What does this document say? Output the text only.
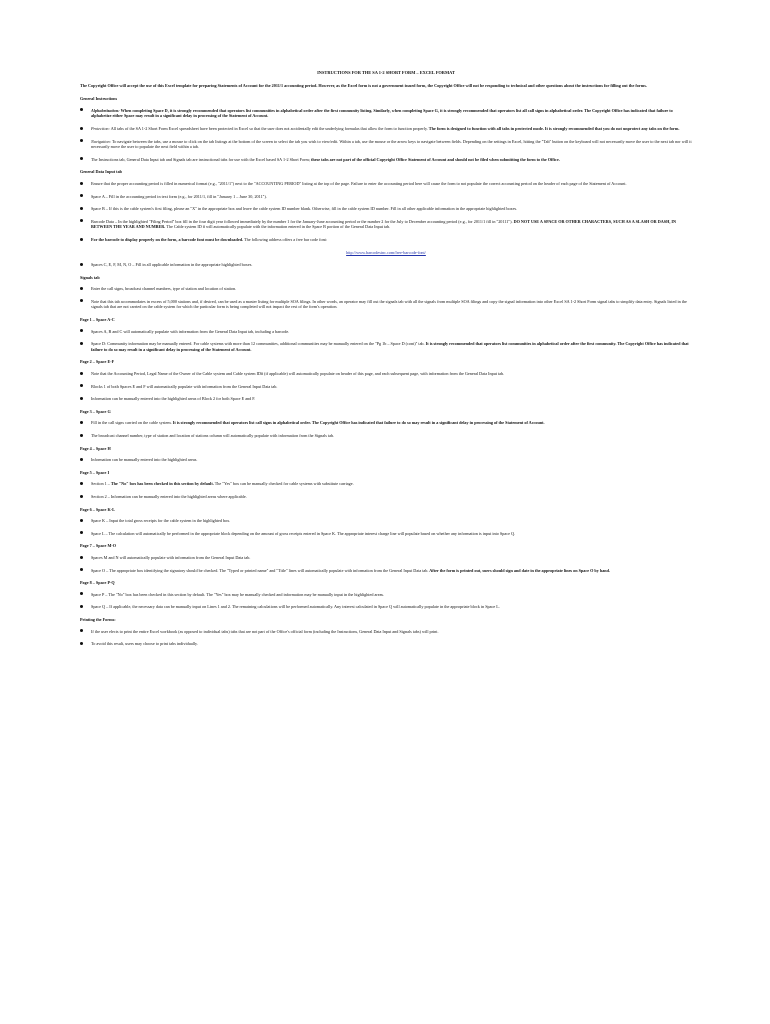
INSTRUCTIONS FOR THE SA 1-2 SHORT FORM – EXCEL FORMAT
The Copyright Office will accept the use of this Excel template for preparing Statements of Account for the 2011/1 accounting period. However, as the Excel form is not a government issued form, the Copyright Office will not be responding to technical and other questions about the instructions for filling out the forms.
General Instructions
Alphabetization: When completing Space D, it is strongly recommended that operators list communities in alphabetical order after the first community listing. Similarly, when completing Space G, it is strongly recommended that operators list all call signs in alphabetical order. The Copyright Office has indicated that failure to alphabetize either Space may result in a significant delay in processing of the Statement of Account.
Protection: All tabs of the SA 1-2 Short Form Excel spreadsheet have been protected in Excel so that the user does not accidentally edit the underlying formulas that allow the form to function properly. The form is designed to function with all tabs in protected mode. It is strongly recommended that you do not unprotect any tabs on the form.
Navigation: To navigate between the tabs, use a mouse to click on the tab listings at the bottom of the screen to select the tab you wish to view/edit. Within a tab, use the mouse or the arrow keys to navigate between fields. Depending on the settings in Excel, hitting the "Tab" button on the keyboard will not necessarily move the user to the next tab nor will it necessarily move the user to populate the next field within a tab.
The Instructions tab, General Data Input tab and Signals tab are instructional tabs for use with the Excel based SA 1-2 Short Form; these tabs are not part of the official Copyright Office Statement of Account and should not be filed when submitting the form to the Office.
General Data Input tab
Ensure that the proper accounting period is filled in numerical format (e.g., "2011/1") next to the "ACCOUNTING PERIOD" listing at the top of the page. Failure to enter the accounting period here will cause the form to not populate the correct accounting period on the header of each page of the Statement of Account.
Space A – Fill in the accounting period in text form (e.g., for 2011/1, fill in "January 1 – June 30, 2011").
Space B – If this is the cable system's first filing, please an "X" in the appropriate box and leave the cable system ID number blank. Otherwise, fill in the cable system ID number. Fill in all other applicable information in the appropriate highlighted boxes.
Barcode Data – In the highlighted "Filing Period" box fill in the four digit year followed immediately by the number 1 for the January-June accounting period or the number 2 for the July to December accounting period (e.g., for 2011/1 fill in "20111"). DO NOT USE A SPACE OR OTHER CHARACTERS, SUCH AS A SLASH OR DASH, IN BETWEEN THE YEAR AND NUMBER. The Cable system ID # will automatically populate with the information entered in the Space B portion of the General Data Input tab.
For the barcode to display properly on the form, a barcode font must be downloaded. The following address offers a free bar code font:
http://www.barcodesinc.com/free-barcode-font/
Spaces C, E, F, M, N, O – Fill in all applicable information in the appropriate highlighted boxes.
Signals tab
Enter the call signs, broadcast channel numbers, type of station and location of station.
Note that this tab accommodates in excess of 5,000 stations and, if desired, can be used as a master listing for multiple SOA filings. In other words, an operator may fill out the signals tab with all the signals from multiple SOA filings and copy the signal information into other Excel SA 1-2 Short Form signal tabs to simplify data entry. Signals listed in the signals tab that are not carried on the cable system for which the particular form is being completed will not impact the rest of the form's operation.
Page 1 – Space A-C
Spaces A, B and C will automatically populate with information from the General Data Input tab, including a barcode.
Space D: Community information may be manually entered. For cable systems with more than 12 communities, additional communities may be manually entered on the "Pg 1b – Space D (cont)" tab. It is strongly recommended that operators list communities in alphabetical order after the first community. The Copyright Office has indicated that failure to do so may result in a significant delay in processing of the Statement of Account.
Page 2 – Space E-F
Note that the Accounting Period, Legal Name of the Owner of the Cable system and Cable system ID# (if applicable) will automatically populate on header of this page, and each subsequent page, with information from the General Data Input tab.
Blocks 1 of both Spaces E and F will automatically populate with information from the General Input Data tab.
Information can be manually entered into the highlighted areas of Block 2 for both Space E and F.
Page 3 – Space G
Fill in the call signs carried on the cable system. It is strongly recommended that operators list call signs in alphabetical order. The Copyright Office has indicated that failure to do so may result in a significant delay in processing of the Statement of Account.
The broadcast channel number, type of station and location of stations column will automatically populate with information from the Signals tab.
Page 4 – Space H
Information can be manually entered into the highlighted areas.
Page 5 – Space I
Section 1 – The "No" box has been checked in this section by default. The "Yes" box can be manually checked for cable systems with substitute carriage.
Section 2 – Information can be manually entered into the highlighted areas where applicable.
Page 6 – Space K-L
Space K – Input the total gross receipts for the cable system in the highlighted box.
Space L – The calculation will automatically be performed in the appropriate block depending on the amount of gross receipts entered in Space K. The appropriate interest charge line will populate based on whether any information is input into Space Q.
Page 7 – Space M-O
Spaces M and N will automatically populate with information from the General Input Data tab.
Space O – The appropriate box identifying the signatory should be checked. The "Typed or printed name" and "Title" lines will automatically populate with information from the General Input Data tab. After the form is printed out, users should sign and date in the appropriate lines on Space O by hand.
Page 8 – Space P-Q
Space P – The "No" box has been checked in this section by default. The "Yes" box may be manually checked and information may be manually input in the highlighted areas.
Space Q – If applicable, the necessary data can be manually input on Lines 1 and 2. The remaining calculations will be performed automatically. Any interest calculated in Space Q will automatically populate in the appropriate block in Space L.
Printing the Forms:
If the user elects to print the entire Excel workbook (as opposed to individual tabs) tabs that are not part of the Office's official form (including the Instructions, General Data Input and Signals tabs) will print.
To avoid this result, users may choose to print tabs individually.
